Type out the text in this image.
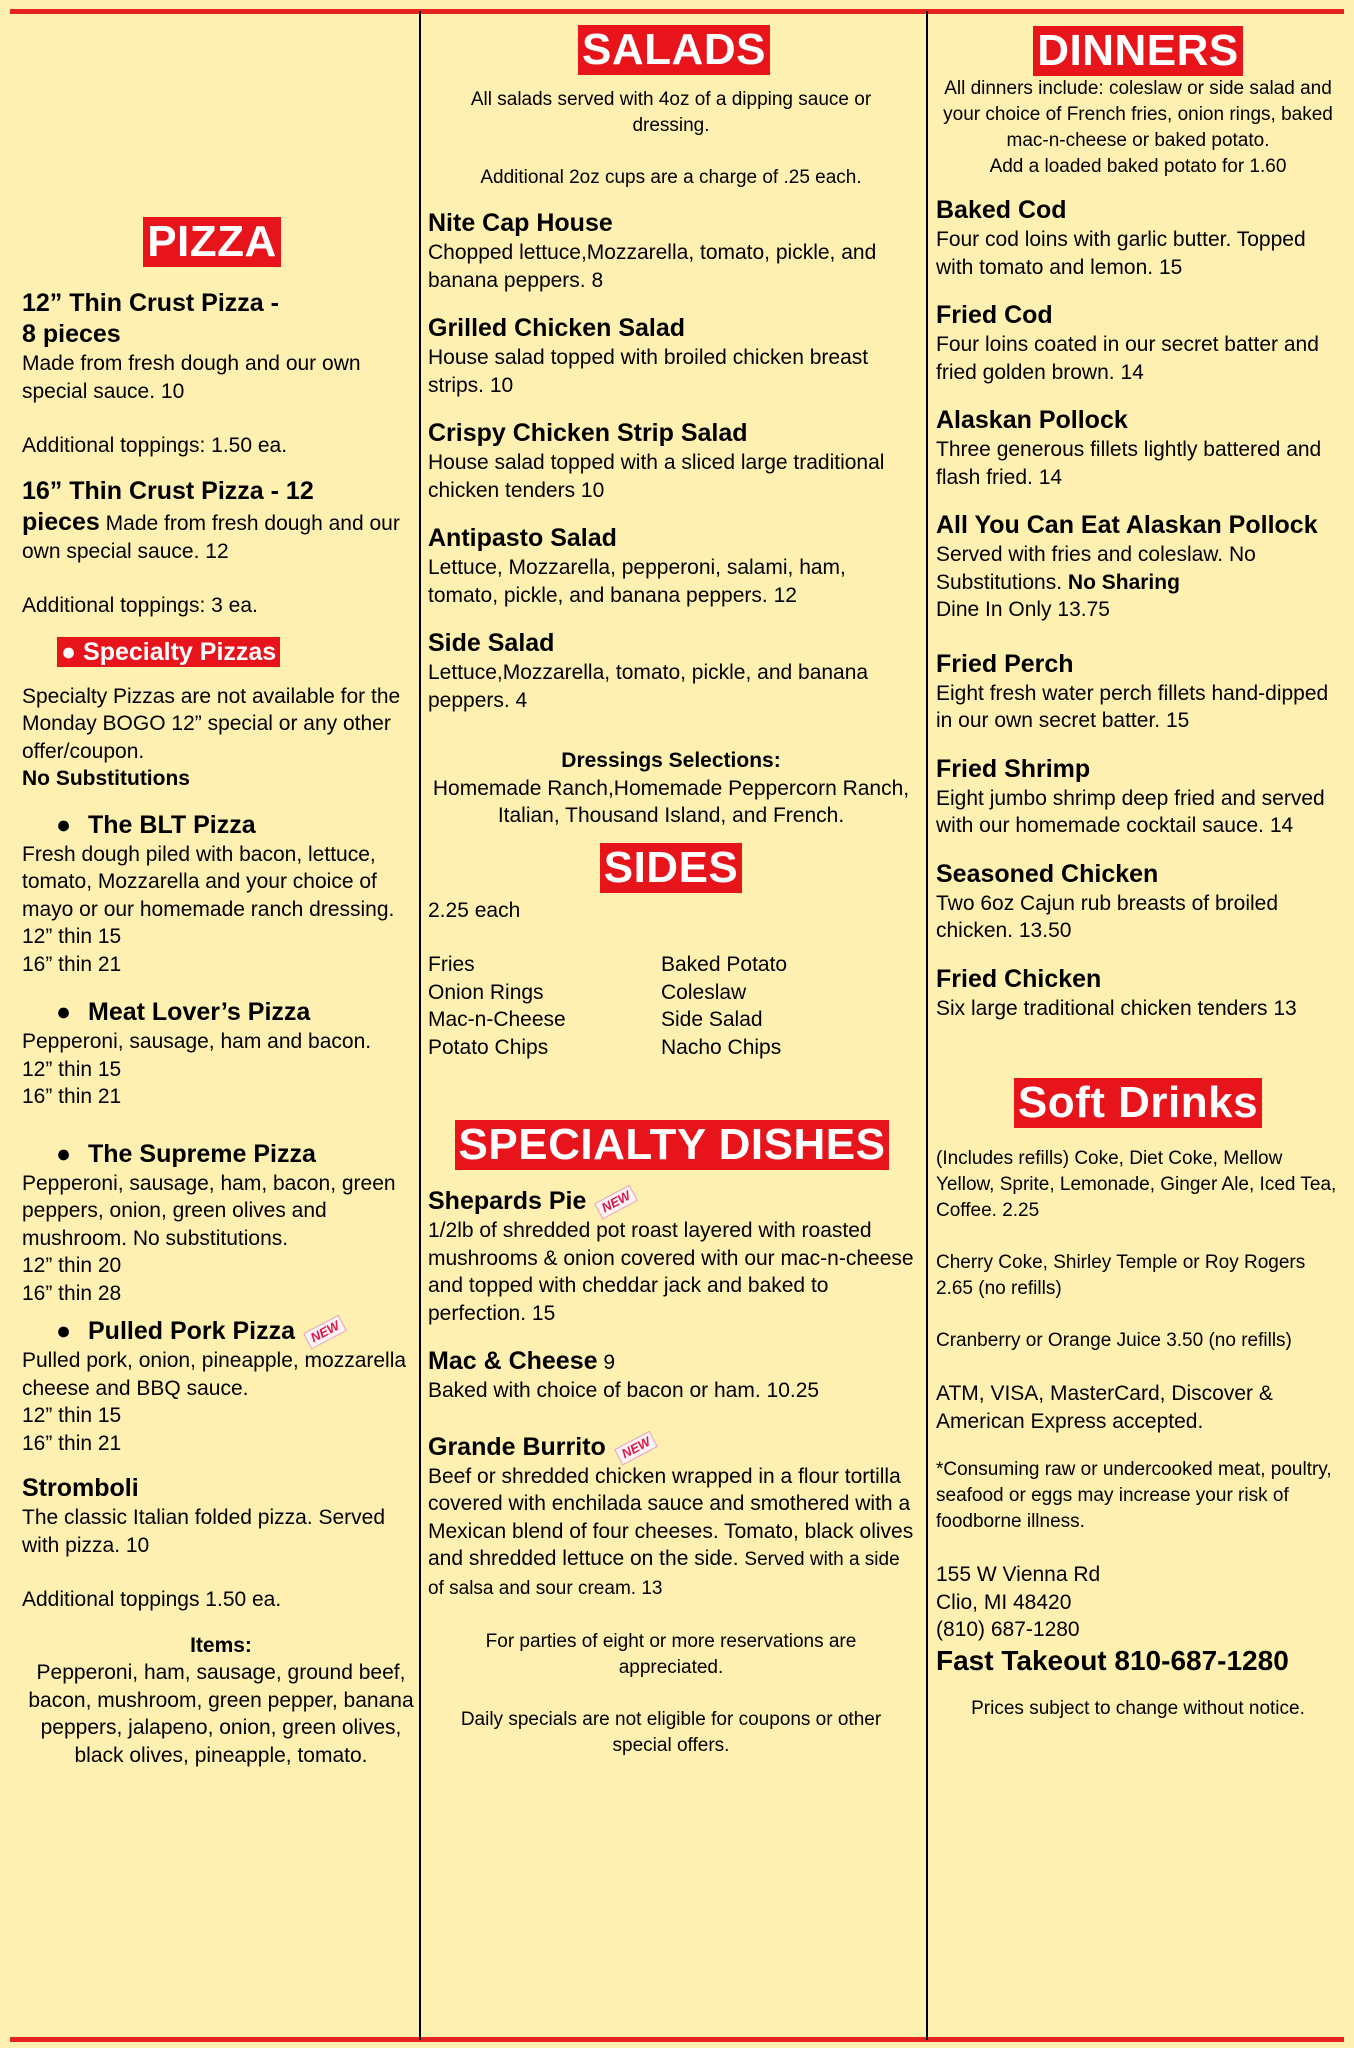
PIZZA

12” Thin Crust Pizza -
8 pieces

Made from fresh dough and our own special sauce. 10

Additional toppings: 1.50 ea.

16” Thin Crust Pizza - 12
pieces Made from fresh dough and our own special sauce. 12

Additional toppings: 3 ea.

● Specialty Pizzas

Specialty Pizzas are not available for the Monday BOGO 12” special or any other offer/coupon.

No Substitutions

● The BLT Pizza

Fresh dough piled with bacon, lettuce, tomato, Mozzarella and your choice of mayo or our homemade ranch dressing.

12” thin 15

16” thin 21

● Meat Lover’s Pizza

Pepperoni, sausage, ham and bacon.

12” thin 15

16” thin 21

● The Supreme Pizza

Pepperoni, sausage, ham, bacon, green peppers, onion, green olives and mushroom. No substitutions.

12” thin 20

16” thin 28

● Pulled Pork Pizza NEW

Pulled pork, onion, pineapple, mozzarella cheese and BBQ sauce.

12” thin 15

16” thin 21

Stromboli

The classic Italian folded pizza. Served with pizza. 10

Additional toppings 1.50 ea.

Items:

Pepperoni, ham, sausage, ground beef, bacon, mushroom, green pepper, banana peppers, jalapeno, onion, green olives, black olives, pineapple, tomato.

SALADS

All salads served with 4oz of a dipping sauce or dressing.

Additional 2oz cups are a charge of .25 each.

Nite Cap House

Chopped lettuce,Mozzarella, tomato, pickle, and banana peppers. 8

Grilled Chicken Salad

House salad topped with broiled chicken breast strips. 10

Crispy Chicken Strip Salad

House salad topped with a sliced large traditional chicken tenders 10

Antipasto Salad

Lettuce, Mozzarella, pepperoni, salami, ham, tomato, pickle, and banana peppers. 12

Side Salad

Lettuce,Mozzarella, tomato, pickle, and banana peppers. 4

Dressings Selections:

Homemade Ranch,Homemade Peppercorn Ranch, Italian, Thousand Island, and French.

SIDES

2.25 each

Fries	Baked Potato
Onion Rings	Coleslaw
Mac-n-Cheese	Side Salad
Potato Chips	Nacho Chips
SPECIALTY DISHES

Shepards Pie NEW

1/2lb of shredded pot roast layered with roasted mushrooms & onion covered with our mac-n-cheese and topped with cheddar jack and baked to perfection. 15

Mac & Cheese 9

Baked with choice of bacon or ham. 10.25

Grande Burrito NEW

Beef or shredded chicken wrapped in a flour tortilla covered with enchilada sauce and smothered with a Mexican blend of four cheeses. Tomato, black olives and shredded lettuce on the side. Served with a side of salsa and sour cream. 13

For parties of eight or more reservations are appreciated.

Daily specials are not eligible for coupons or other special offers.

DINNERS

All dinners include: coleslaw or side salad and your choice of French fries, onion rings, baked mac-n-cheese or baked potato.

Add a loaded baked potato for 1.60

Baked Cod

Four cod loins with garlic butter. Topped with tomato and lemon. 15

Fried Cod

Four loins coated in our secret batter and fried golden brown. 14

Alaskan Pollock

Three generous fillets lightly battered and flash fried. 14

All You Can Eat Alaskan Pollock

Served with fries and coleslaw. No Substitutions. No Sharing
Dine In Only 13.75

Fried Perch

Eight fresh water perch fillets hand-dipped in our own secret batter. 15

Fried Shrimp

Eight jumbo shrimp deep fried and served with our homemade cocktail sauce. 14

Seasoned Chicken

Two 6oz Cajun rub breasts of broiled chicken. 13.50

Fried Chicken

Six large traditional chicken tenders 13

Soft Drinks

(Includes refills) Coke, Diet Coke, Mellow Yellow, Sprite, Lemonade, Ginger Ale, Iced Tea, Coffee. 2.25

Cherry Coke, Shirley Temple or Roy Rogers 2.65 (no refills)

Cranberry or Orange Juice 3.50 (no refills)

ATM, VISA, MasterCard, Discover & American Express accepted.

*Consuming raw or undercooked meat, poultry, seafood or eggs may increase your risk of foodborne illness.

155 W Vienna Rd

Clio, MI 48420

(810) 687-1280

Fast Takeout 810-687-1280

Prices subject to change without notice.
